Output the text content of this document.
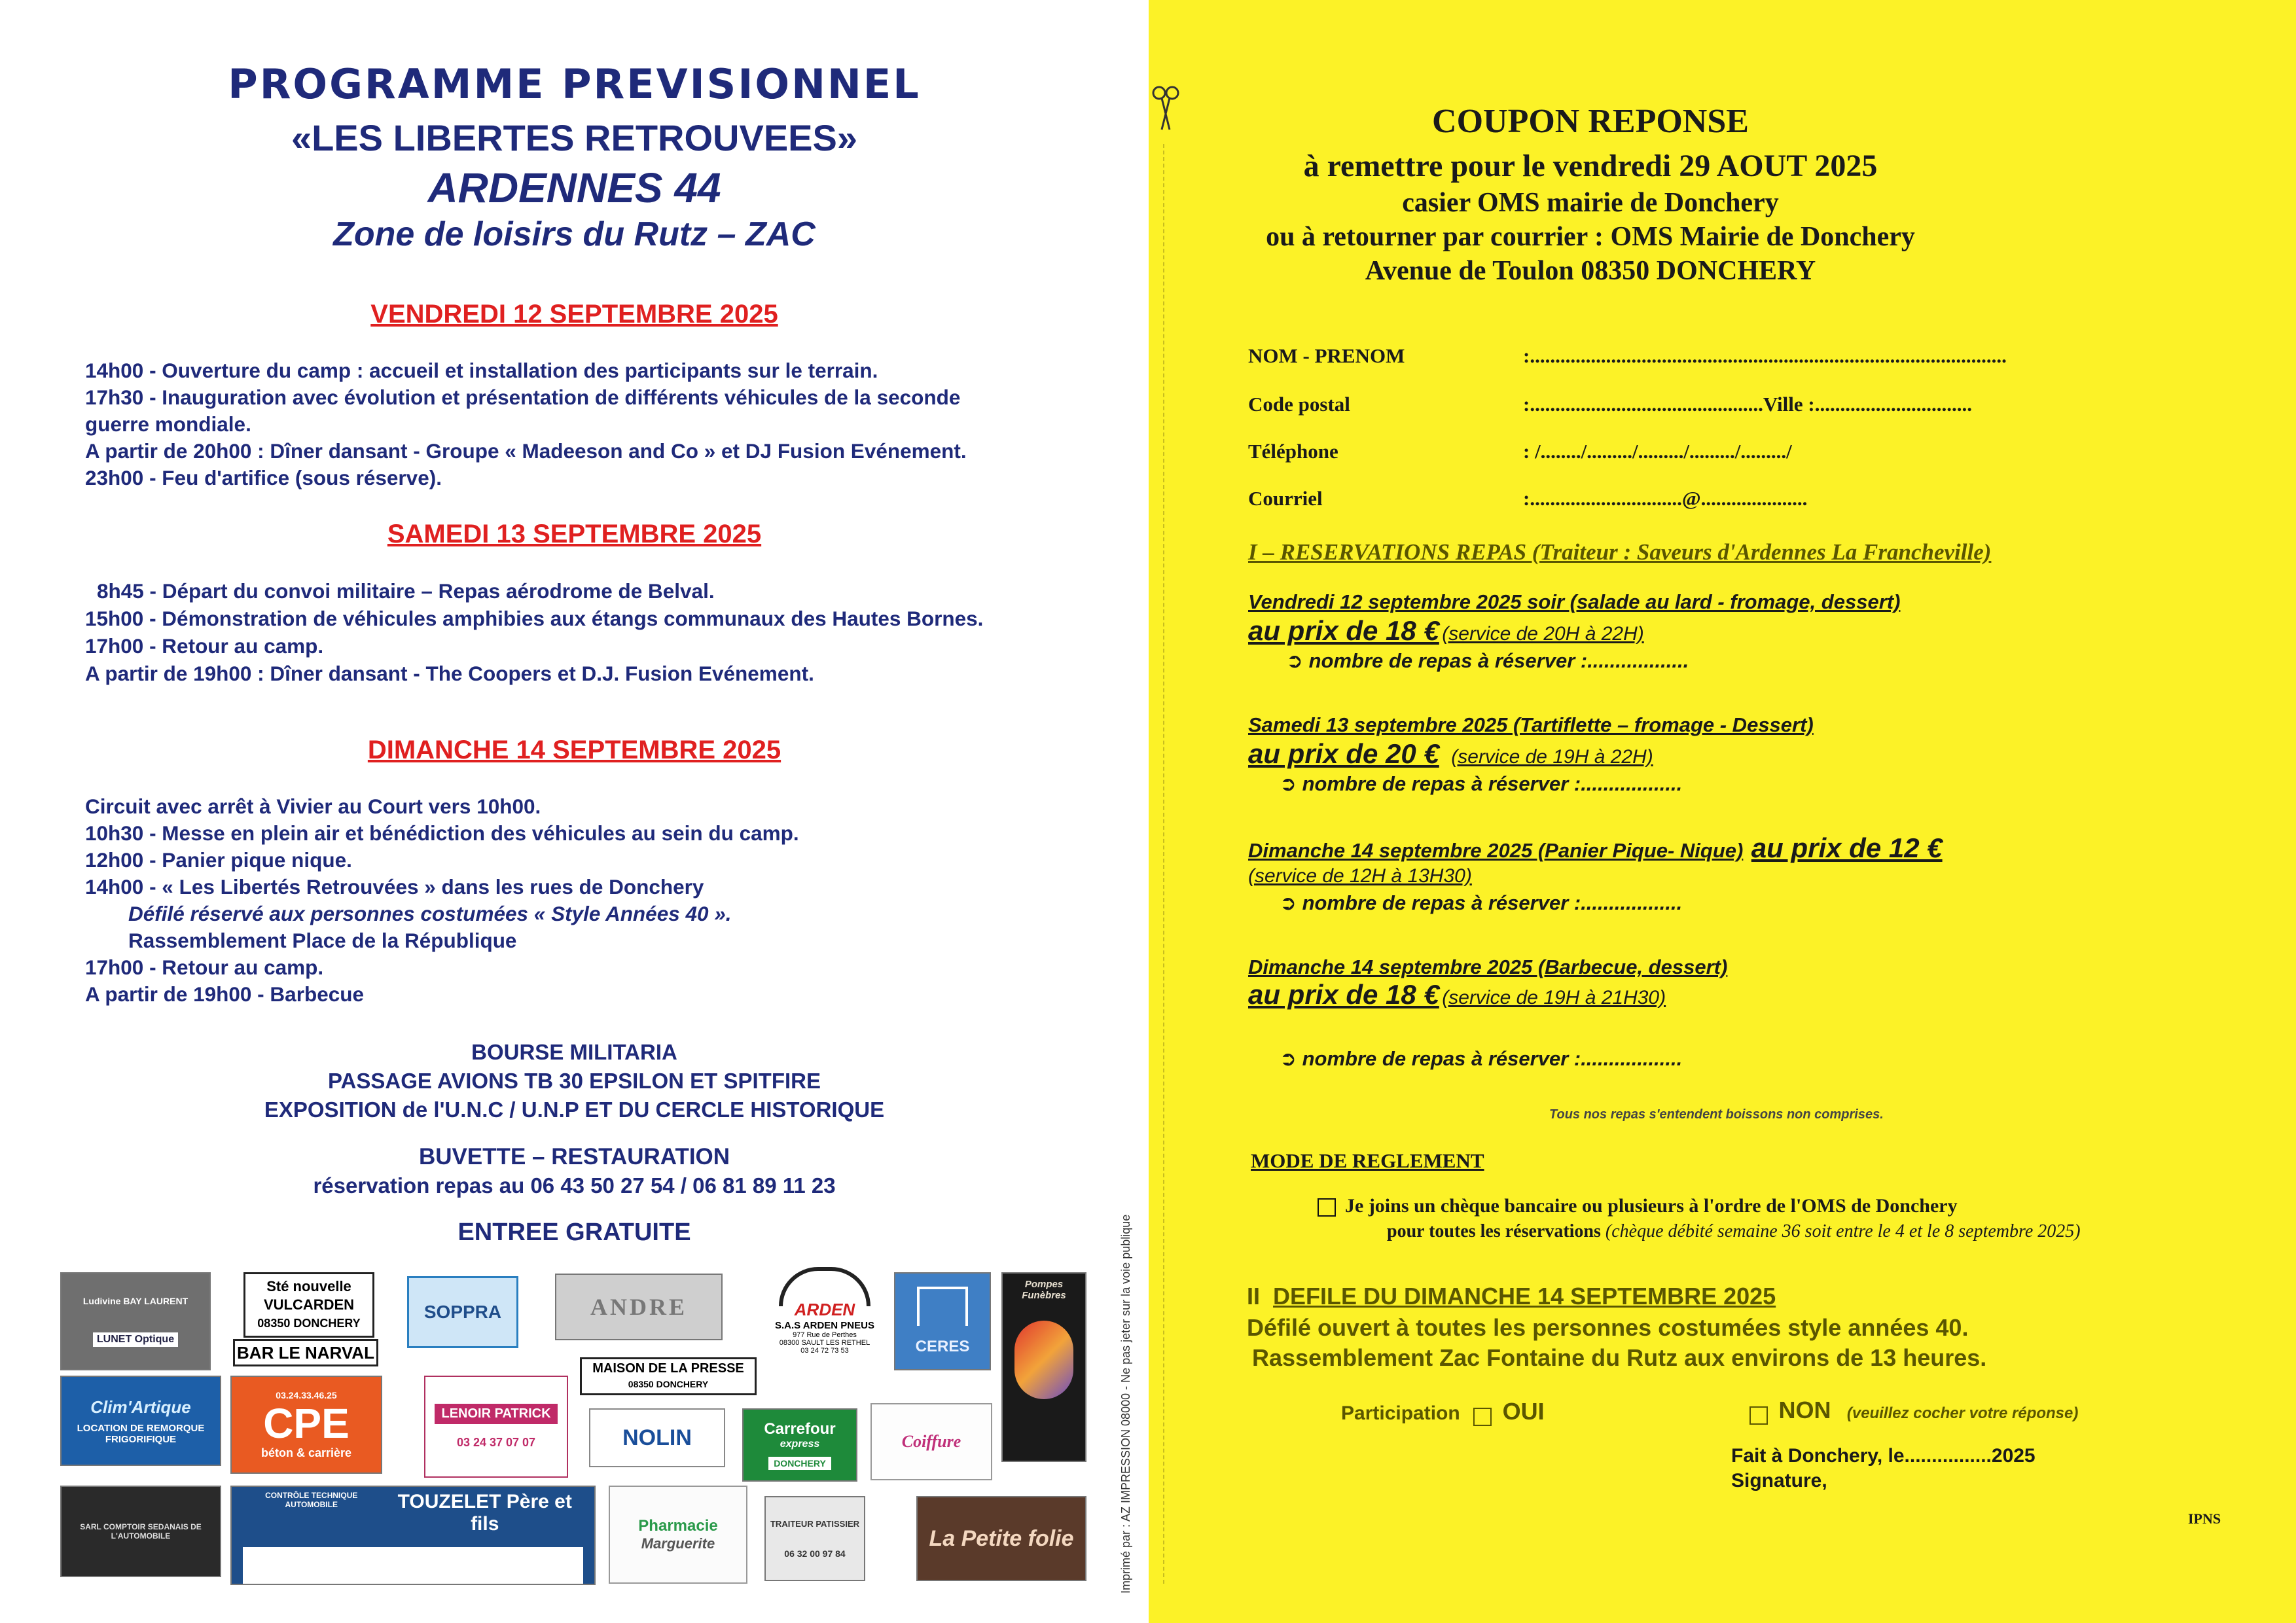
PROGRAMME PREVISIONNEL
«LES LIBERTES RETROUVEES»
ARDENNES 44
Zone de loisirs du Rutz – ZAC
VENDREDI 12 SEPTEMBRE 2025
14h00 - Ouverture du camp : accueil et installation des participants sur le terrain.
17h30 - Inauguration avec évolution et présentation de différents véhicules de la seconde
guerre mondiale.
A partir de 20h00 : Dîner dansant - Groupe « Madeeson and Co » et DJ Fusion Evénement.
23h00 - Feu d'artifice (sous réserve).
SAMEDI 13 SEPTEMBRE 2025
8h45 - Départ du convoi militaire – Repas aérodrome de Belval.
15h00 - Démonstration de véhicules amphibies aux étangs communaux des Hautes Bornes.
17h00 - Retour au camp.
A partir de 19h00 : Dîner dansant - The Coopers et D.J. Fusion Evénement.
DIMANCHE 14 SEPTEMBRE 2025
Circuit avec arrêt à Vivier au Court vers 10h00.
10h30 - Messe en plein air et bénédiction des véhicules au sein du camp.
12h00 - Panier pique nique.
14h00 - « Les Libertés Retrouvées » dans les rues de Donchery
Défilé réservé aux personnes costumées « Style Années 40 ».
Rassemblement Place de la République
17h00 - Retour au camp.
A partir de 19h00 - Barbecue
BOURSE MILITARIA
PASSAGE AVIONS TB 30 EPSILON ET SPITFIRE
EXPOSITION de l'U.N.C / U.N.P ET DU CERCLE HISTORIQUE
BUVETTE – RESTAURATION
réservation repas au 06 43 50 27 54 / 06 81 89 11 23
ENTREE GRATUITE	Imprimé par : AZ IMPRESSION 08000 - Ne pas jeter sur la voie publique
Ludivine BAY LAURENT
LUNET Optique
Sté nouvelle
VULCARDEN
08350 DONCHERY
BAR LE NARVAL
SOPPRA	ANDRE	ARDEN
S.A.S ARDEN PNEUS
977 Rue de Perthes
08300 SAULT LES RETHEL
03 24 72 73 53	CERES
Pompes Funèbres
Clim'Artique
LOCATION DE REMORQUE FRIGORIFIQUE
03.24.33.46.25
CPE
béton & carrière
LENOIR PATRICK
03 24 37 07 07
MAISON DE LA PRESSE
08350 DONCHERY
NOLIN	Carrefour
express
DONCHERY
Coiffure
SARL COMPTOIR SEDANAIS DE L'AUTOMOBILE
CONTRÔLE TECHNIQUE AUTOMOBILE	TOUZELET Père et fils	Pharmacie
Marguerite
TRAITEUR PATISSIER
06 32 00 97 84
La Petite folie
COUPON REPONSE
à remettre pour le vendredi 29 AOUT 2025
casier OMS mairie de Donchery
ou à retourner par courrier : OMS Mairie de Donchery
Avenue de Toulon 08350 DONCHERY
NOM - PRENOM	:..............................................................................................
Code postal	:..............................................Ville :...............................
Téléphone	: /......../........./........./........./........./
Courriel	:..............................@.....................
I – RESERVATIONS REPAS (Traiteur : Saveurs d'Ardennes La Francheville)
Vendredi 12 septembre 2025 soir (salade au lard - fromage, dessert)
au prix de 18 € (service de 20H à 22H)
➲ nombre de repas à réserver :..................
Samedi 13 septembre 2025 (Tartiflette – fromage - Dessert)
au prix de 20 € (service de 19H à 22H)
➲ nombre de repas à réserver :..................
Dimanche 14 septembre 2025 (Panier Pique- Nique) au prix de 12 €
(service de 12H à 13H30)
➲ nombre de repas à réserver :..................
Dimanche 14 septembre 2025 (Barbecue, dessert)
au prix de 18 € (service de 19H à 21H30)
➲ nombre de repas à réserver :..................
Tous nos repas s'entendent boissons non comprises.
MODE DE REGLEMENT
Je joins un chèque bancaire ou plusieurs à l'ordre de l'OMS de Donchery
pour toutes les réservations (chèque débité semaine 36 soit entre le 4 et le 8 septembre 2025)
II DEFILE DU DIMANCHE 14 SEPTEMBRE 2025
Défilé ouvert à toutes les personnes costumées style années 40.
Rassemblement Zac Fontaine du Rutz aux environs de 13 heures.
Participation OUI	NON (veuillez cocher votre réponse)
Fait à Donchery, le................2025
Signature,
IPNS
